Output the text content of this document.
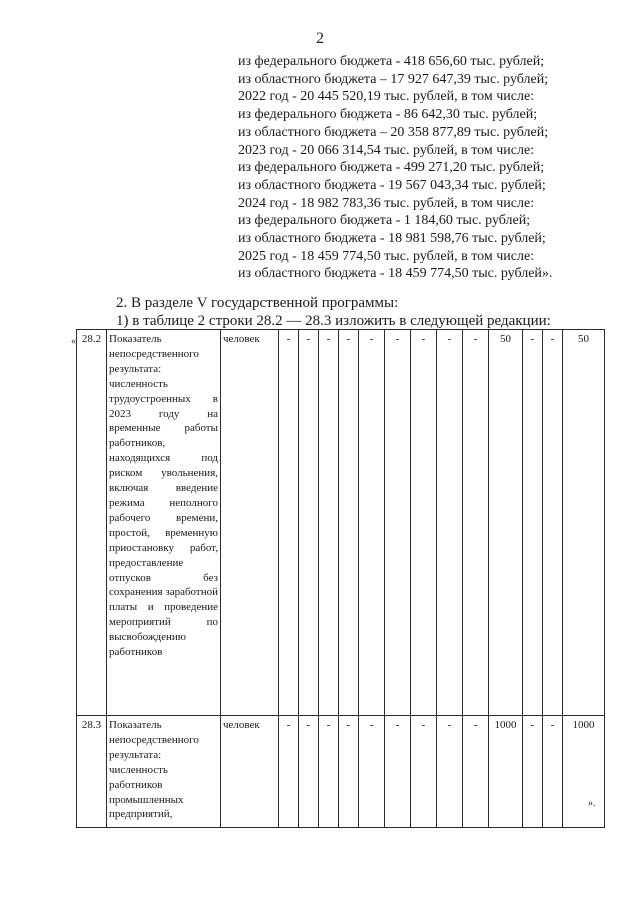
2
из федерального бюджета - 418 656,60 тыс. рублей;
из областного бюджета – 17 927 647,39 тыс. рублей;
2022 год - 20 445 520,19 тыс. рублей, в том числе:
из федерального бюджета - 86 642,30 тыс. рублей;
из областного бюджета – 20 358 877,89 тыс. рублей;
2023 год - 20 066 314,54 тыс. рублей, в том числе:
из федерального бюджета - 499 271,20 тыс. рублей;
из областного бюджета - 19 567 043,34 тыс. рублей;
2024 год - 18 982 783,36 тыс. рублей, в том числе:
из федерального бюджета - 1 184,60 тыс. рублей;
из областного бюджета - 18 981 598,76 тыс. рублей;
2025 год - 18 459 774,50 тыс. рублей, в том числе:
из областного бюджета - 18 459 774,50 тыс. рублей».
2. В разделе V государственной программы:
1) в таблице 2 строки 28.2 — 28.3 изложить в следующей редакции:
« 28.2	Показатель непосредственного результата: численность трудоустроенных в 2023 году на временные работы работников, находящихся под риском увольнения, включая введение режима неполного рабочего времени, простой, временную приостановку работ, предоставление отпусков без сохранения заработной платы и проведение мероприятий по высвобождению работников	человек	-	-	-	-	-	-	-	-	-	50	-	-	50
28.3	Показатель непосредственного результата: численность работников промышленных предприятий,	человек	-	-	-	-	-	-	-	-	-	1000	-	-	1000
».
